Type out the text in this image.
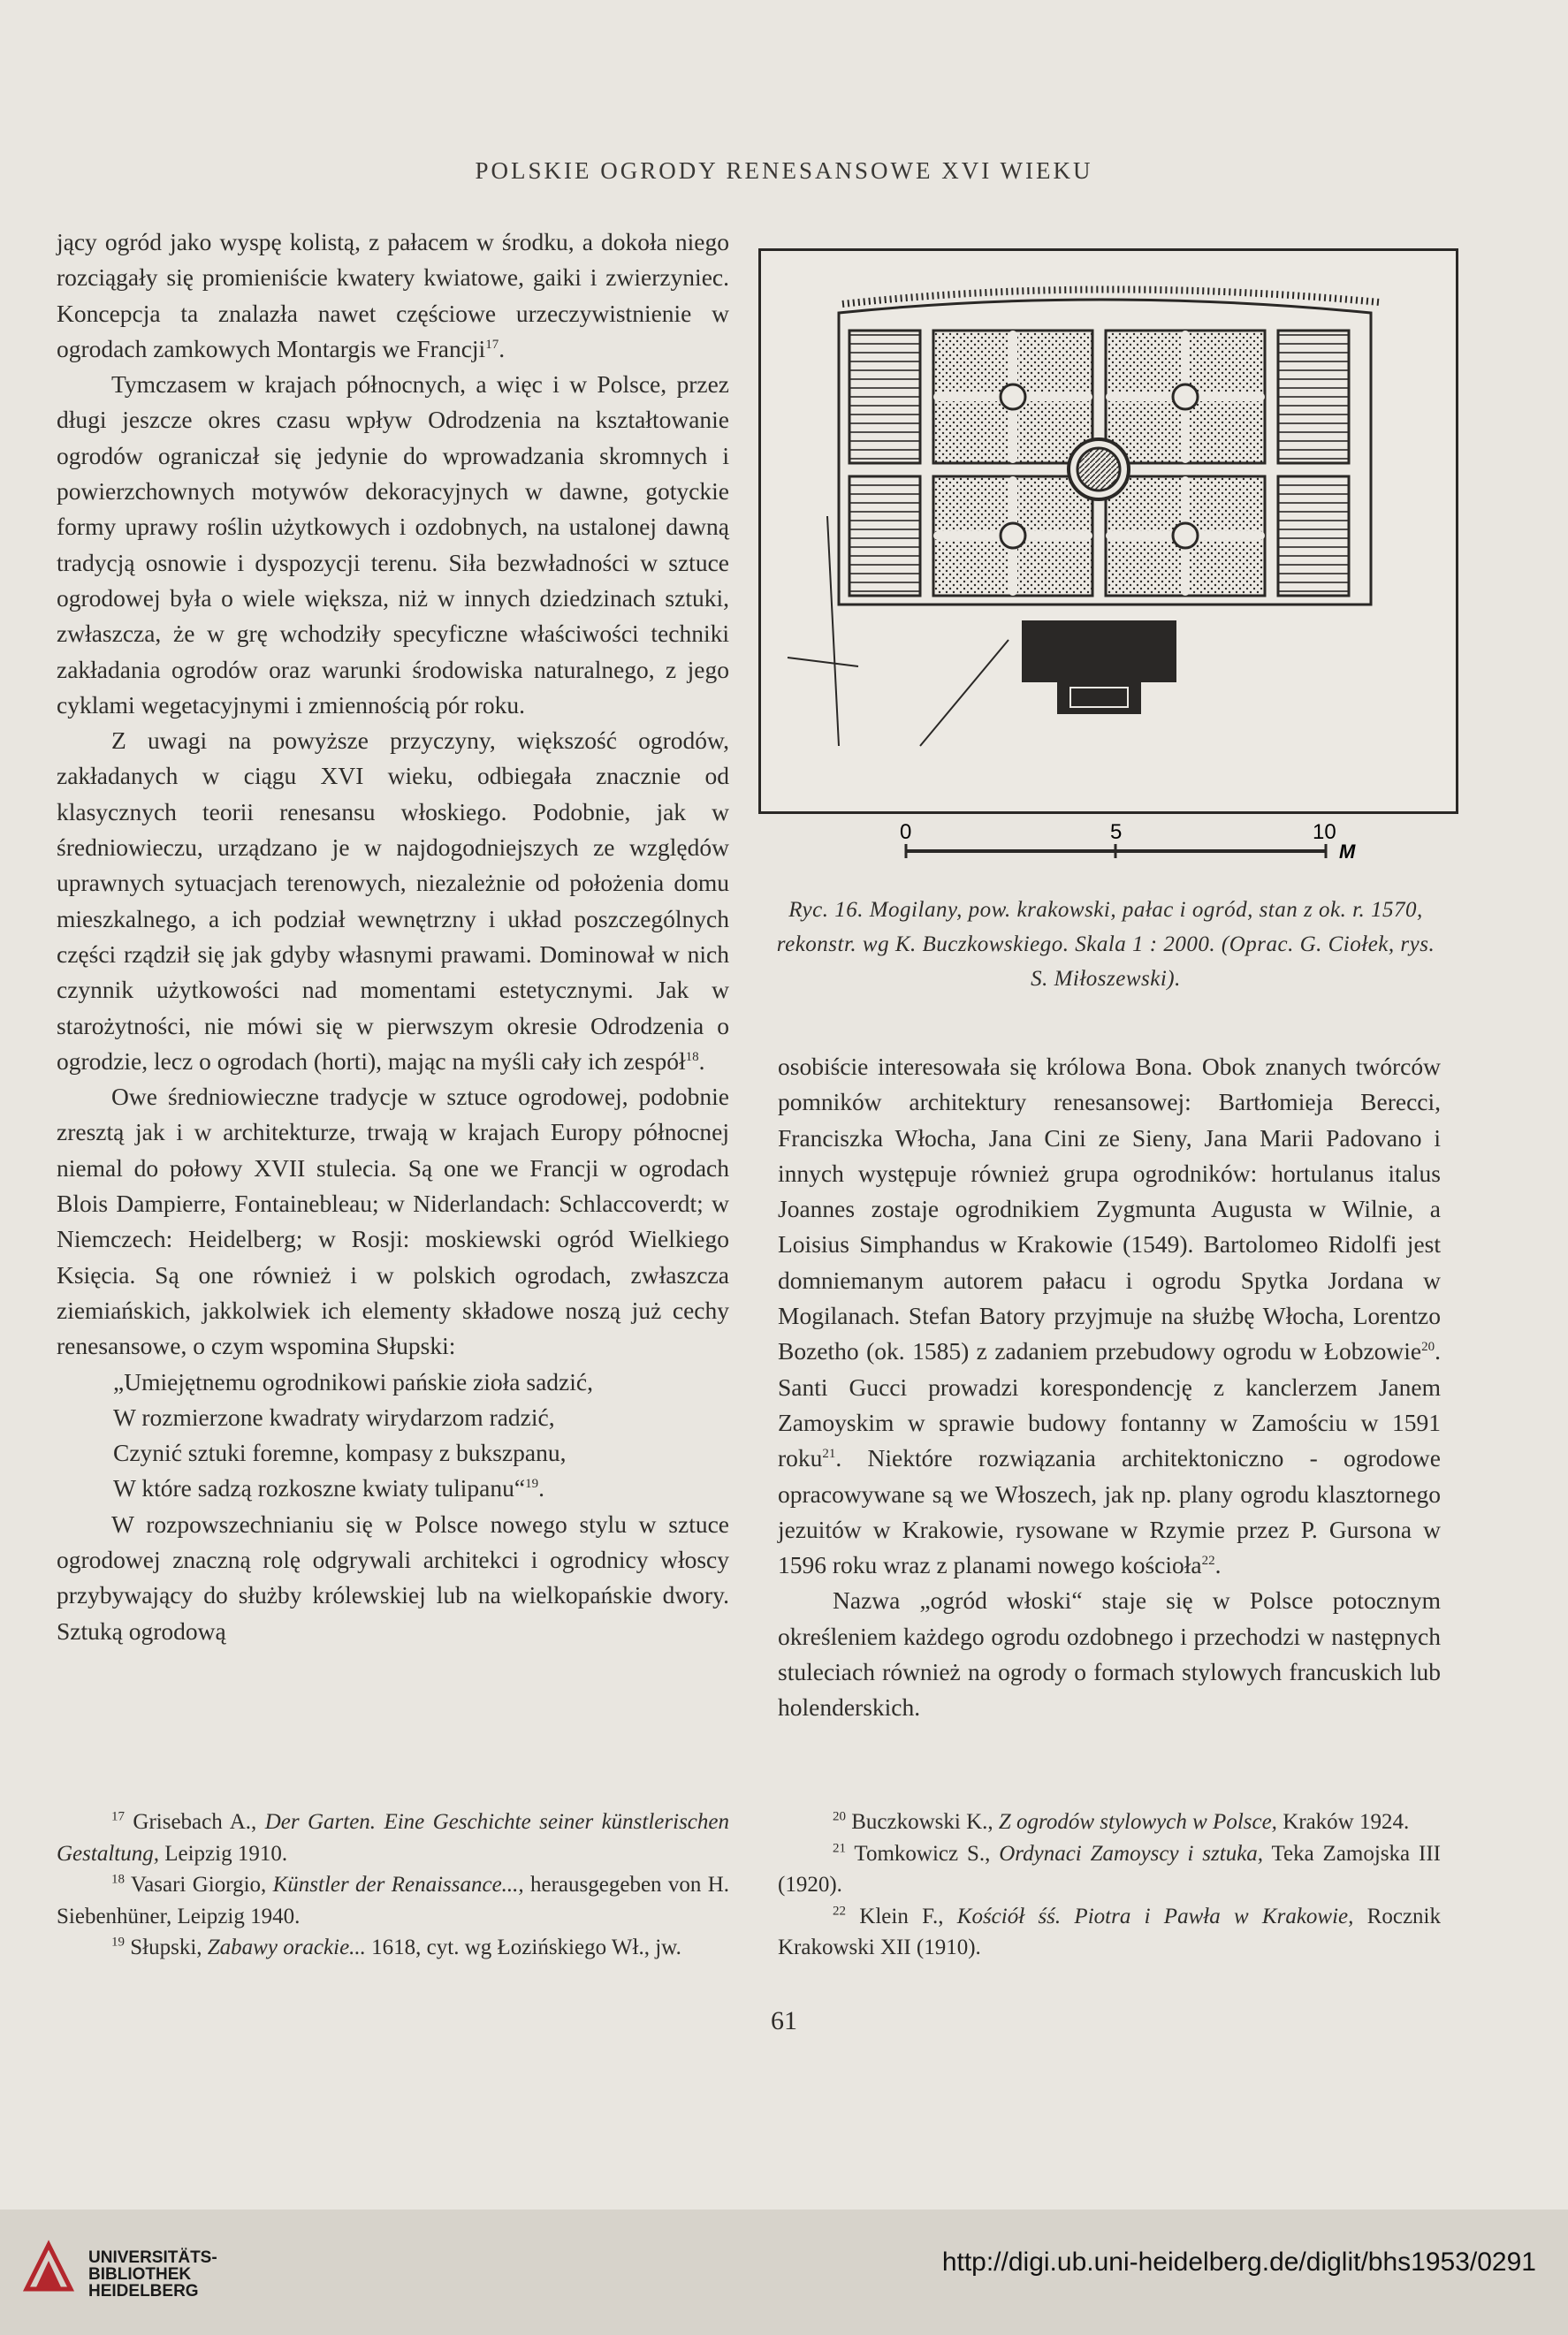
POLSKIE OGRODY RENESANSOWE XVI WIEKU

jący ogród jako wyspę kolistą, z pałacem w środku, a dokoła niego rozciągały się promieniście kwatery kwiatowe, gaiki i zwierzyniec. Koncepcja ta znalazła nawet częściowe urzeczywistnienie w ogrodach zamkowych Montargis we Francji$^{17}$.

Tymczasem w krajach północnych, a więc i w Polsce, przez długi jeszcze okres czasu wpływ Odrodzenia na kształtowanie ogrodów ograniczał się jedynie do wprowadzania skromnych i powierzchownych motywów dekoracyjnych w dawne, gotyckie formy uprawy roślin użytkowych i ozdobnych, na ustalonej dawną tradycją osnowie i dyspozycji terenu. Siła bezwładności w sztuce ogrodowej była o wiele większa, niż w innych dziedzinach sztuki, zwłaszcza, że w grę wchodziły specyficzne właściwości techniki zakładania ogrodów oraz warunki środowiska naturalnego, z jego cyklami wegetacyjnymi i zmiennością pór roku.

Z uwagi na powyższe przyczyny, większość ogrodów, zakładanych w ciągu XVI wieku, odbiegała znacznie od klasycznych teorii renesansu włoskiego. Podobnie, jak w średniowieczu, urządzano je w najdogodniejszych ze względów uprawnych sytuacjach terenowych, niezależnie od położenia domu mieszkalnego, a ich podział wewnętrzny i układ poszczególnych części rządził się jak gdyby własnymi prawami. Dominował w nich czynnik użytkowości nad momentami estetycznymi. Jak w starożytności, nie mówi się w pierwszym okresie Odrodzenia o ogrodzie, lecz o ogrodach (horti), mając na myśli cały ich zespół$^{18}$.

Owe średniowieczne tradycje w sztuce ogrodowej, podobnie zresztą jak i w architekturze, trwają w krajach Europy północnej niemal do połowy XVII stulecia. Są one we Francji w ogrodach Blois Dampierre, Fontainebleau; w Niderlandach: Schlaccoverdt; w Niemczech: Heidelberg; w Rosji: moskiewski ogród Wielkiego Księcia. Są one również i w polskich ogrodach, zwłaszcza ziemiańskich, jakkolwiek ich elementy składowe noszą już cechy renesansowe, o czym wspomina Słupski:

„Umiejętnemu ogrodnikowi pańskie zioła sadzić,
W rozmierzone kwadraty wirydarzom radzić,
Czynić sztuki foremne, kompasy z bukszpanu,
W które sadzą rozkoszne kwiaty tulipanu“$^{19}$.

W rozpowszechnianiu się w Polsce nowego stylu w sztuce ogrodowej znaczną rolę odgrywali architekci i ogrodnicy włoscy przybywający do służby królewskiej lub na wielkopańskie dwory. Sztuką ogrodową

0	5	10
M
Ryc. 16. Mogilany, pow. krakowski, pałac i ogród, stan z ok. r. 1570, rekonstr. wg K. Buczkowskiego. Skala 1 : 2000. (Oprac. G. Ciołek, rys. S. Miłoszewski).

osobiście interesowała się królowa Bona. Obok znanych twórców pomników architektury renesansowej: Bartłomieja Berecci, Franciszka Włocha, Jana Cini ze Sieny, Jana Marii Padovano i innych występuje również grupa ogrodników: hortulanus italus Joannes zostaje ogrodnikiem Zygmunta Augusta w Wilnie, a Loisius Simphandus w Krakowie (1549). Bartolomeo Ridolfi jest domniemanym autorem pałacu i ogrodu Spytka Jordana w Mogilanach. Stefan Batory przyjmuje na służbę Włocha, Lorentzo Bozetho (ok. 1585) z zadaniem przebudowy ogrodu w Łobzowie$^{20}$. Santi Gucci prowadzi korespondencję z kanclerzem Janem Zamoyskim w sprawie budowy fontanny w Zamościu w 1591 roku$^{21}$. Niektóre rozwiązania architektoniczno - ogrodowe opracowywane są we Włoszech, jak np. plany ogrodu klasztornego jezuitów w Krakowie, rysowane w Rzymie przez P. Gursona w 1596 roku wraz z planami nowego kościoła$^{22}$.

Nazwa „ogród włoski“ staje się w Polsce potocznym określeniem każdego ogrodu ozdobnego i przechodzi w następnych stuleciach również na ogrody o formach stylowych francuskich lub holenderskich.

$^{17}$ Grisebach A., Der Garten. Eine Geschichte seiner künstlerischen Gestaltung, Leipzig 1910.

$^{18}$ Vasari Giorgio, Künstler der Renaissance..., herausgegeben von H. Siebenhüner, Leipzig 1940.

$^{19}$ Słupski, Zabawy orackie... 1618, cyt. wg Łozińskiego Wł., jw.

$^{20}$ Buczkowski K., Z ogrodów stylowych w Polsce, Kraków 1924.

$^{21}$ Tomkowicz S., Ordynaci Zamoyscy i sztuka, Teka Zamojska III (1920).

$^{22}$ Klein F., Kościół śś. Piotra i Pawła w Krakowie, Rocznik Krakowski XII (1910).

61
UNIVERSITÄTS-
BIBLIOTHEK
HEIDELBERG
http://digi.ub.uni-heidelberg.de/diglit/bhs1953/0291
